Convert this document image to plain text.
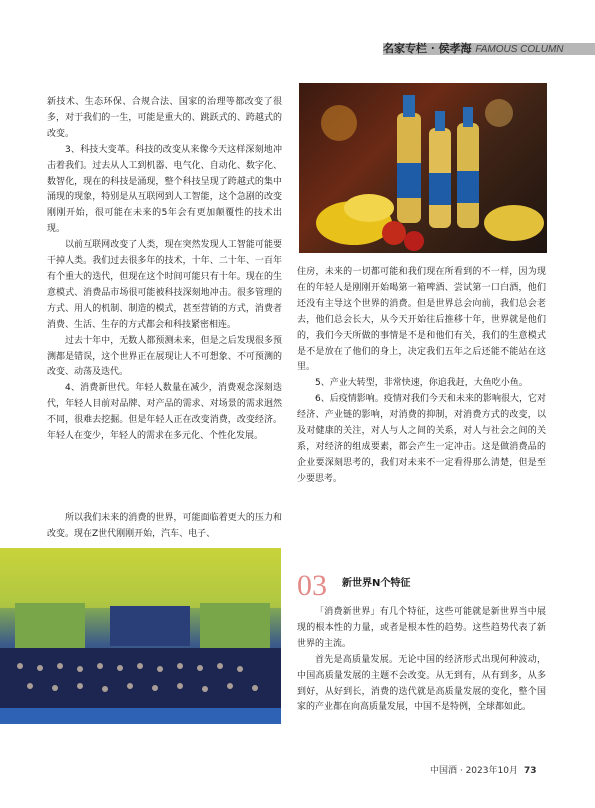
名家专栏 · 侯孝海 FAMOUS COLUMN

新技术、生态环保、合规合法、国家的治理等都改变了很多，对于我们的一生，可能是重大的、跳跃式的、跨越式的改变。

3、科技大变革。科技的改变从来像今天这样深刻地冲击着我们。过去从人工到机器、电气化、自动化、数字化、数智化，现在的科技是涌现，整个科技呈现了跨越式的集中涌现的现象，特别是从互联网到人工智能，这个急剧的改变刚刚开始，很可能在未来的5年会有更加颠覆性的技术出现。

以前互联网改变了人类，现在突然发现人工智能可能要干掉人类。我们过去很多年的技术，十年、二十年、一百年有个重大的迭代，但现在这个时间可能只有十年。现在的生意模式、消费品市场很可能被科技深刻地冲击。很多管理的方式、用人的机制、制造的模式，甚至营销的方式，消费者消费、生活、生存的方式都会和科技紧密相连。

过去十年中，无数人都预测未来，但是之后发现很多预测都是错误，这个世界正在展现让人不可想象、不可预测的改变、动荡及迭代。

4、消费新世代。年轻人数量在减少，消费观念深刻迭代，年轻人目前对品牌、对产品的需求、对场景的需求迥然不同，很难去挖掘。但是年轻人正在改变消费，改变经济。年轻人在变少，年轻人的需求在多元化、个性化发展。

所以我们未来的消费的世界，可能面临着更大的压力和改变。现在Z世代刚刚开始，汽车、电子、

住房，未来的一切都可能和我们现在所看到的不一样，因为现在的年轻人是刚刚开始喝第一箱啤酒、尝试第一口白酒，他们还没有主导这个世界的消费。但是世界总会向前，我们总会老去，他们总会长大，从今天开始往后推移十年，世界就是他们的，我们今天所做的事情是不是和他们有关，我们的生意模式是不是放在了他们的身上，决定我们五年之后还能不能站在这里。

5、产业大转型，非常快速，你追我赶，大鱼吃小鱼。

6、后疫情影响。疫情对我们今天和未来的影响很大，它对经济、产业链的影响，对消费的抑制，对消费方式的改变，以及对健康的关注，对人与人之间的关系，对人与社会之间的关系，对经济的组成要素，都会产生一定冲击。这是做消费品的企业要深刻思考的，我们对未来不一定看得那么清楚，但是至少要思考。

03 新世界N个特征

「消费新世界」有几个特征，这些可能就是新世界当中展现的根本性的力量，或者是根本性的趋势。这些趋势代表了新世界的主流。

首先是高质量发展。无论中国的经济形式出现何种波动，中国高质量发展的主题不会改变。从无到有，从有到多，从多到好，从好到长，消费的迭代就是高质量发展的变化，整个国家的产业都在向高质量发展，中国不是特例，全球都如此。

中国酒 · 2023年10月 73
